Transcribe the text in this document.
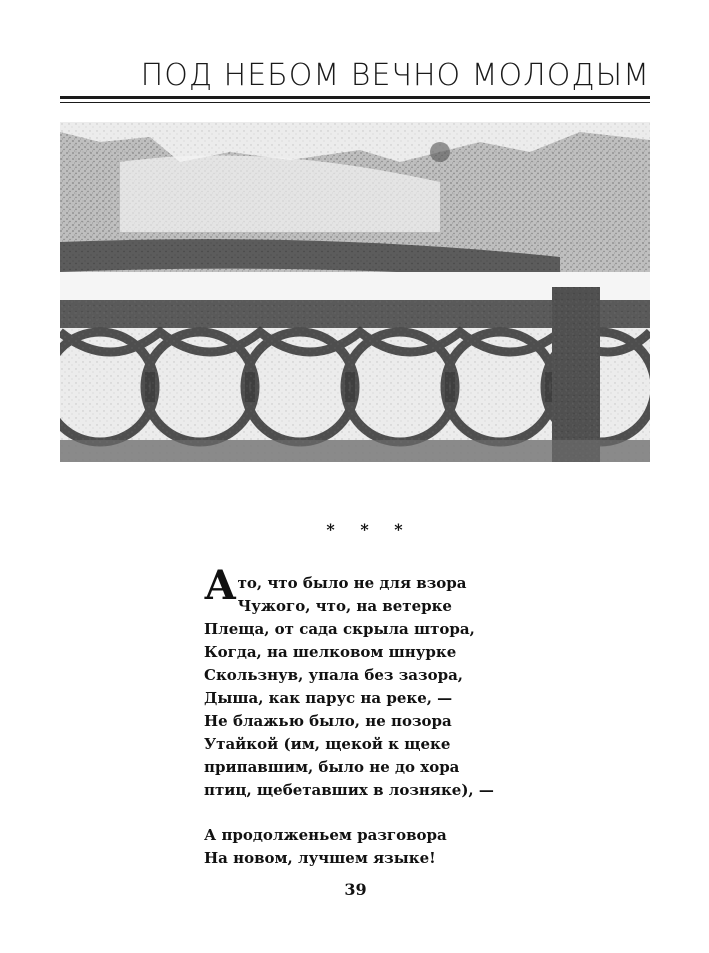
ПОД НЕБОМ ВЕЧНО МОЛОДЫМ
* * *
Ато, что было не для взора
Чужого, что, на ветерке
Плеща, от сада скрыла штора,
Когда, на шелковом шнурке
Скользнув, упала без зазора,
Дыша, как парус на реке, —
Не блажью было, не позора
Утайкой (им, щекой к щеке
припавшим, было не до хора
птиц, щебетавших в лозняке), —
А продолженьем разговора
На новом, лучшем языке!
39
